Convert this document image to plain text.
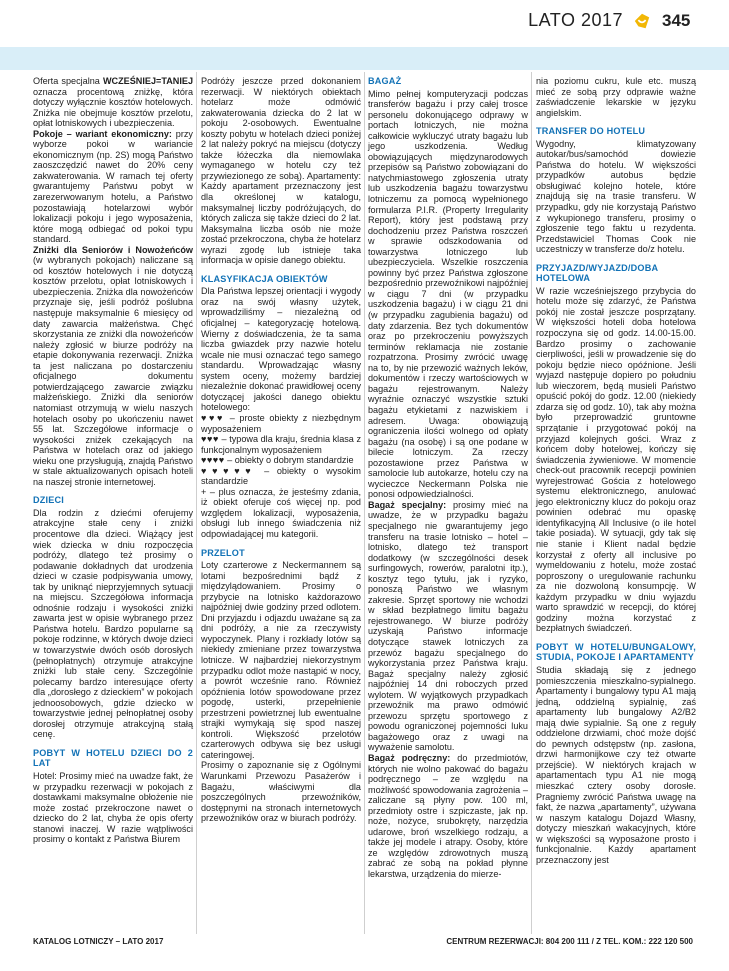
LATO 2017 345

Oferta specjalna WCZEŚNIEJ=TANIEJ oznacza procentową zniżkę, która dotyczy wyłącznie kosztów hotelowych. Zniżka nie obejmuje kosztów przelotu, opłat lotniskowych i ubezpieczenia.

Pokoje – wariant ekonomiczny: przy wyborze pokoi w wariancie ekonomicznym (np. 2S) mogą Państwo zaoszczędzić nawet do 20% ceny zakwaterowania. W ramach tej oferty gwarantujemy Państwu pobyt w zarezerwowanym hotelu, a Państwo pozostawiają hotelarzowi wybór lokalizacji pokoju i jego wyposażenia, które mogą odbiegać od pokoi typu standard.

Zniżki dla Seniorów i Nowożeńców (w wybranych pokojach) naliczane są od kosztów hotelowych i nie dotyczą kosztów przelotu, opłat lotniskowych i ubezpieczenia. Zniżka dla nowożeńców przyznaje się, jeśli podróż poślubna następuje maksymalnie 6 miesięcy od daty zawarcia małżeństwa. Chęć skorzystania ze zniżki dla nowożeńców należy zgłosić w biurze podróży na etapie dokonywania rezerwacji. Zniżka ta jest naliczana po dostarczeniu oficjalnego dokumentu potwierdzającego zawarcie związku małżeńskiego. Zniżki dla seniorów natomiast otrzymują w wielu naszych hotelach osoby po ukończeniu nawet 55 lat. Szczegółowe informacje o wysokości zniżek czekających na Państwa w hotelach oraz od jakiego wieku one przysługują, znajdą Państwo w stale aktualizowanych opisach hoteli na naszej stronie internetowej.

DZIECI

Dla rodzin z dziećmi oferujemy atrakcyjne stałe ceny i zniżki procentowe dla dzieci. Wiążący jest wiek dziecka w dniu rozpoczęcia podróży, dlatego też prosimy o podawanie dokładnych dat urodzenia dzieci w czasie podpisywania umowy, tak by uniknąć nieprzyjemnych sytuacji na miejscu. Szczegółowa informacja odnośnie rodzaju i wysokości zniżki zawarta jest w opisie wybranego przez Państwa hotelu. Bardzo popularne są pokoje rodzinne, w których dwoje dzieci w towarzystwie dwóch osób dorosłych (pełnopłatnych) otrzymuje atrakcyjne zniżki lub stałe ceny. Szczególnie polecamy bardzo interesujące oferty dla „dorosłego z dzieckiem” w pokojach jednoosobowych, gdzie dziecko w towarzystwie jednej pełnopłatnej osoby dorosłej otrzymuje atrakcyjną stałą cenę.

POBYT W HOTELU DZIECI DO 2 LAT

Hotel: Prosimy mieć na uwadze fakt, że w przypadku rezerwacji w pokojach z dostawkami maksymalne obłożenie nie może zostać przekroczone nawet o dziecko do 2 lat, chyba że opis oferty stanowi inaczej. W razie wątpliwości prosimy o kontakt z Państwa Biurem

Podróży jeszcze przed dokonaniem rezerwacji. W niektórych obiektach hotelarz może odmówić zakwaterowania dziecka do 2 lat w pokoju 2-osobowych. Ewentualne koszty pobytu w hotelach dzieci poniżej 2 lat należy pokryć na miejscu (dotyczy także łóżeczka dla niemowlaka wymaganego w hotelu czy też przywiezionego ze sobą). Apartamenty: Każdy apartament przeznaczony jest dla określonej w katalogu, maksymalnej liczby podróżujących, do których zalicza się także dzieci do 2 lat. Maksymalna liczba osób nie może zostać przekroczona, chyba że hotelarz wyrazi zgodę lub istnieje taka informacja w opisie danego obiektu.

KLASYFIKACJA OBIEKTÓW

Dla Państwa lepszej orientacji i wygody oraz na swój własny użytek, wprowadziliśmy – niezależną od oficjalnej – kategoryzację hotelową. Wierny z doświadczenia, że ta sama liczba gwiazdek przy nazwie hotelu wcale nie musi oznaczać tego samego standardu. Wprowadzając własny system oceny, możemy bardziej niezależnie dokonać prawidłowej oceny dotyczącej jakości danego obiektu hotelowego:

♥♥♥ – proste obiekty z niezbędnym wyposażeniem

♥♥♥ – typowa dla kraju, średnia klasa z funkcjonalnym wyposażeniem

♥♥♥♥ – obiekty o dobrym standardzie

♥♥♥♥♥ – obiekty o wysokim standardzie

+ – plus oznacza, że jesteśmy zdania, iż obiekt oferuje coś więcej np. pod względem lokalizacji, wyposażenia, obsługi lub innego świadczenia niż odpowiadającej mu kategorii.

PRZELOT

Loty czarterowe z Neckermannem są lotami bezpośrednimi bądź z międzylądowaniem. Prosimy o przybycie na lotnisko każdorazowo najpóźniej dwie godziny przed odlotem. Dni przyjazdu i odjazdu uważane są za dni podróży, a nie za rzeczywisty wypoczynek. Plany i rozkłady lotów są niekiedy zmieniane przez towarzystwa lotnicze. W najbardziej niekorzystnym przypadku odlot może nastąpić w nocy, a powrót wcześnie rano. Również opóźnienia lotów spowodowane przez pogodę, usterki, przepełnienie przestrzeni powietrznej lub ewentualne strajki wymykają się spod naszej kontroli. Większość przelotów czarterowych odbywa się bez usługi cateringowej.

Prosimy o zapoznanie się z Ogólnymi Warunkami Przewozu Pasażerów i Bagażu, właściwymi dla poszczególnych przewoźników, dostępnymi na stronach internetowych przewoźników oraz w biurach podróży.

BAGAŻ

Mimo pełnej komputeryzacji podczas transferów bagażu i przy całej trosce personelu dokonującego odprawy w portach lotniczych, nie można całkowicie wykluczyć utraty bagażu lub jego uszkodzenia. Według obowiązujących międzynarodowych przepisów są Państwo zobowiązani do natychmiastowego zgłoszenia utraty lub uszkodzenia bagażu towarzystwu lotniczemu za pomocą wypełnionego formularza P.I.R. (Property Irregularity Report), który jest podstawą przy dochodzeniu przez Państwa roszczeń w sprawie odszkodowania od towarzystwa lotniczego lub ubezpieczyciela. Wszelkie roszczenia powinny być przez Państwa zgłoszone bezpośrednio przewoźnikowi najpóźniej w ciągu 7 dni (w przypadku uszkodzenia bagażu) i w ciągu 21 dni (w przypadku zagubienia bagażu) od daty zdarzenia. Bez tych dokumentów oraz po przekroczeniu powyższych terminów reklamacja nie zostanie rozpatrzona. Prosimy zwrócić uwagę na to, by nie przewozić ważnych leków, dokumentów i rzeczy wartościowych w bagażu rejestrowanym. Należy wyraźnie oznaczyć wszystkie sztuki bagażu etykietami z nazwiskiem i adresem. Uwaga: obowiązują ograniczenia ilości wolnego od opłaty bagażu (na osobę) i są one podane w bilecie lotniczym. Za rzeczy pozostawione przez Państwa w samolocie lub autokarze, hotelu czy na wycieczce Neckermann Polska nie ponosi odpowiedzialności.

Bagaż specjalny: prosimy mieć na uwadze, że w przypadku bagażu specjalnego nie gwarantujemy jego transferu na trasie lotnisko – hotel – lotnisko, dlatego też transport dodatkowy (w szczególności desek surfingowych, rowerów, paralotni itp.), kosztyz tego tytułu, jak i ryzyko, ponoszą Państwo we własnym zakresie. Sprzęt sportowy nie wchodzi w skład bezpłatnego limitu bagażu rejestrowanego. W biurze podróży uzyskają Państwo informacje dotyczące stawek lotniczych za przewóz bagażu specjalnego do wykorzystania przez Państwa kraju. Bagaż specjalny należy zgłosić najpóźniej 14 dni roboczych przed wylotem. W wyjątkowych przypadkach przewoźnik ma prawo odmówić przewozu sprzętu sportowego z powodu ograniczonej pojemności luku bagażowego oraz z uwagi na wyważenie samolotu.

Bagaż podręczny: do przedmiotów, których nie wolno pakować do bagażu podręcznego – ze względu na możliwość spowodowania zagrożenia – zaliczane są płyny pow. 100 ml, przedmioty ostre i szpiczaste, jak np. noże, nożyce, srubokręty, narzędzia udarowe, broń wszelkiego rodzaju, a także jej modele i atrapy. Osoby, które ze względów zdrowotnych muszą zabrać ze sobą na pokład płynne lekarstwa, urządzenia do mierze-

nia poziomu cukru, kule etc. muszą mieć ze sobą przy odprawie ważne zaświadczenie lekarskie w języku angielskim.

TRANSFER DO HOTELU

Wygodny, klimatyzowany autokar/bus/samochód dowiezie Państwa do hotelu. W większości przypadków autobus będzie obsługiwać kolejno hotele, które znajdują się na trasie transferu. W przypadku, gdy nie korzystają Państwo z wykupionego transferu, prosimy o zgłoszenie tego faktu u rezydenta. Przedstawiciel Thomas Cook nie uczestniczy w transferze do/z hotelu.

PRZYJAZD/WYJAZD/DOBA HOTELOWA

W razie wcześniejszego przybycia do hotelu może się zdarzyć, że Państwa pokój nie został jeszcze posprzątany. W większości hoteli doba hotelowa rozpoczyna się od godz. 14.00-15.00. Bardzo prosimy o zachowanie cierpliwości, jeśli w prowadzenie się do pokoju będzie nieco opóźnione. Jeśli wyjazd następuje dopiero po południu lub wieczorem, będą musieli Państwo opuścić pokój do godz. 12.00 (niekiedy zdarza się od godz. 10), tak aby można było przeprowadzić gruntowne sprzątanie i przygotować pokój na przyjazd kolejnych gości. Wraz z końcem doby hotelowej, kończy się świadczenia żywieniowe. W momencie check-out pracownik recepcji powinien wyrejestrować Gościa z hotelowego systemu elektronicznego, anulować jego elektroniczny klucz do pokoju oraz powinien odebrać mu opaskę identyfikacyjną All Inclusive (o ile hotel takie posiada). W sytuacji, gdy tak się nie stanie i Klient nadal będzie korzystał z oferty all inclusive po wymeldowaniu z hotelu, może zostać poproszony o uregulowanie rachunku za nie dozwoloną konsumpcję. W każdym przypadku w dniu wyjazdu warto sprawdzić w recepcji, do której godziny można korzystać z bezpłatnych świadczeń.

POBYT W HOTELU/BUNGALOWY, STUDIA, POKOJE I APARTAMENTY

Studia składają się z jednego pomieszczenia mieszkalno-sypialnego. Apartamenty i bungalowy typu A1 mają jedną, oddzielną sypialnię, zaś apartamenty lub bungalowy A2/B2 mają dwie sypialnie. Są one z reguły oddzielone drzwiami, choć może dojść do pewnych odstępstw (np. zasłona, drzwi harmonijkowe czy też otwarte przejście). W niektórych krajach w apartamentach typu A1 nie mogą mieszkać cztery osoby dorosłe. Pragniemy zwrócić Państwa uwagę na fakt, że nazwa „apartamenty”, używana w naszym katalogu Dojazd Własny, dotyczy mieszkań wakacyjnych, które w większości są wyposażone prosto i funkcjonalnie. Każdy apartament przeznaczony jest

KATALOG LOTNICZY – LATO 2017	CENTRUM REZERWACJI: 804 200 111 / Z TEL. KOM.: 222 120 500
